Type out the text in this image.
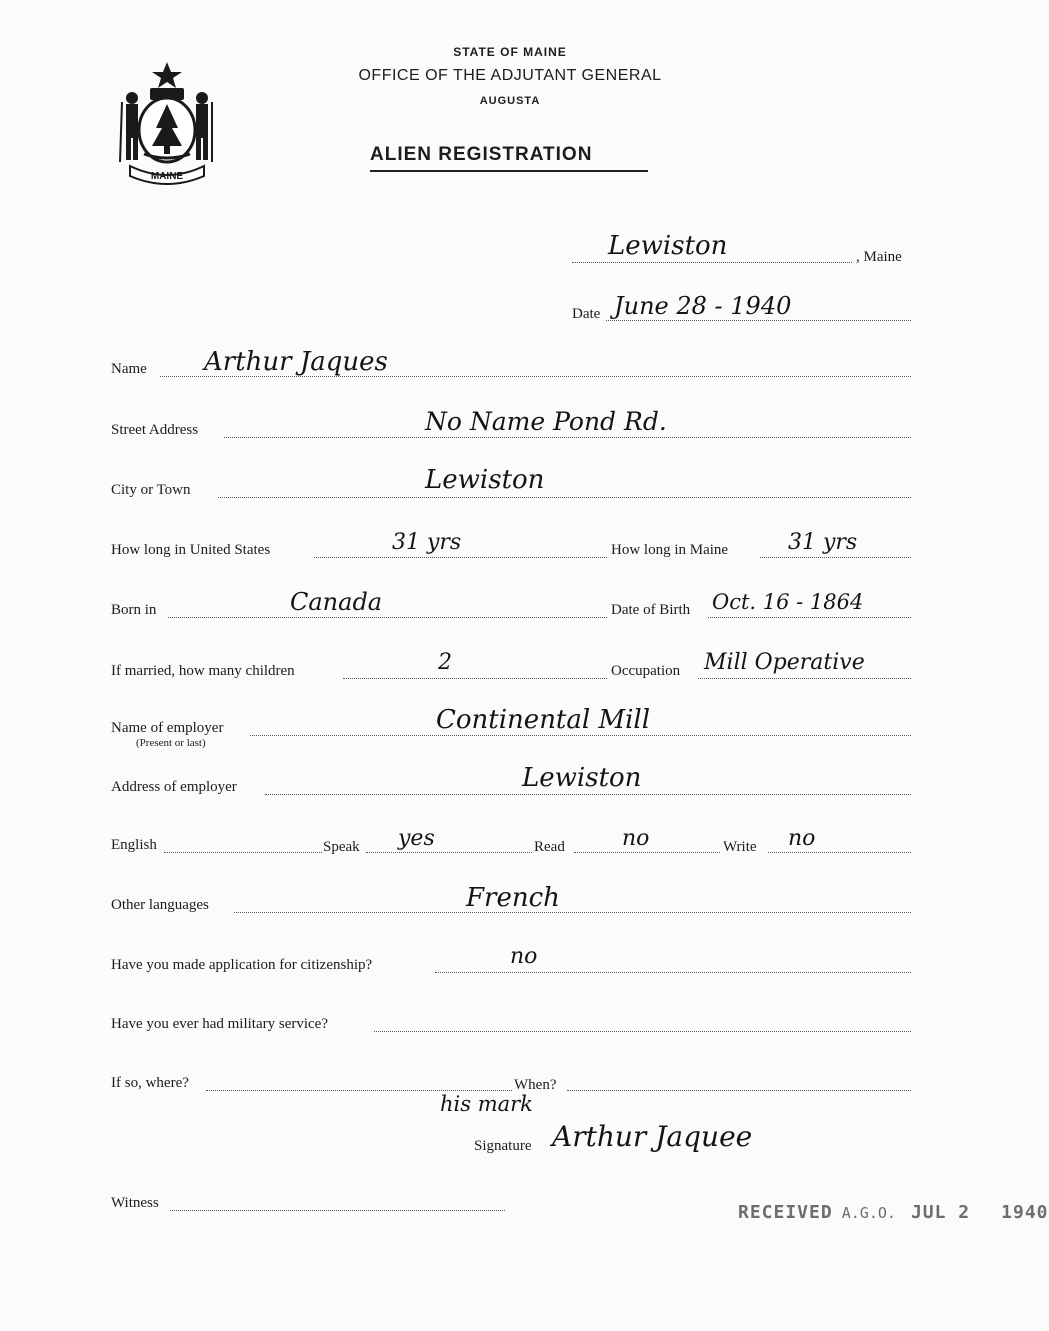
MAINE
STATE OF MAINE
OFFICE OF THE ADJUTANT GENERAL
AUGUSTA
ALIEN REGISTRATION
Lewiston	, Maine
Date June 28 - 1940
Name Arthur Jaques
Street Address	No Name Pond Rd.
City or Town	Lewiston
How long in United States	31 yrs	How long in Maine	31 yrs
Born in	Canada	Date of Birth Oct. 16 - 1864
If married, how many children	2	Occupation Mill Operative
Name of employer
(Present or last)
Continental Mill
Address of employer	Lewiston
English	Speak yes	Read	no	Write no
Other languages	French
Have you made application for citizenship?	no
Have you ever had military service?
If so, where?	When?
his mark
Signature Arthur Jaquee
Witness	RECEIVED A.G.O. JUL 2 1940
